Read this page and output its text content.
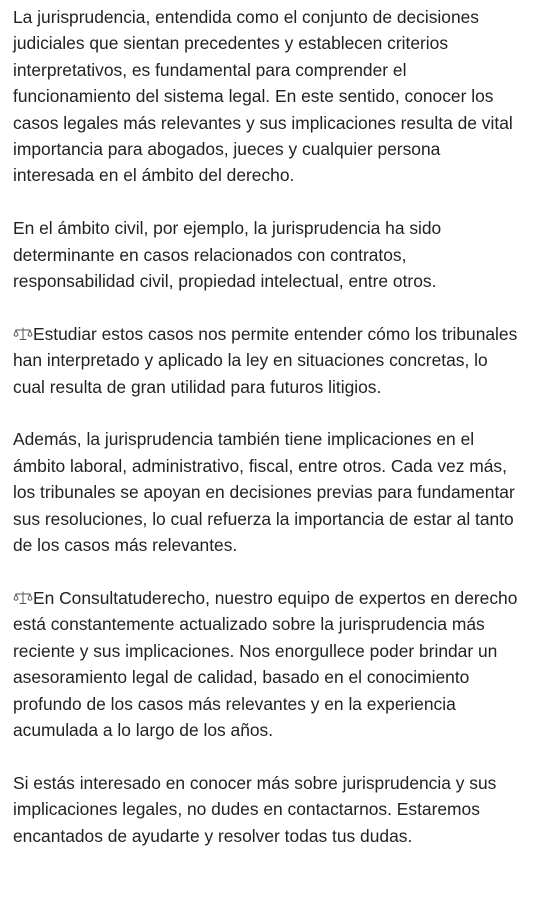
La jurisprudencia, entendida como el conjunto de decisiones judiciales que sientan precedentes y establecen criterios interpretativos, es fundamental para comprender el funcionamiento del sistema legal. En este sentido, conocer los casos legales más relevantes y sus implicaciones resulta de vital importancia para abogados, jueces y cualquier persona interesada en el ámbito del derecho.

En el ámbito civil, por ejemplo, la jurisprudencia ha sido determinante en casos relacionados con contratos, responsabilidad civil, propiedad intelectual, entre otros.

Estudiar estos casos nos permite entender cómo los tribunales han interpretado y aplicado la ley en situaciones concretas, lo cual resulta de gran utilidad para futuros litigios.

Además, la jurisprudencia también tiene implicaciones en el ámbito laboral, administrativo, fiscal, entre otros. Cada vez más, los tribunales se apoyan en decisiones previas para fundamentar sus resoluciones, lo cual refuerza la importancia de estar al tanto de los casos más relevantes.

En Consultatuderecho, nuestro equipo de expertos en derecho está constantemente actualizado sobre la jurisprudencia más reciente y sus implicaciones. Nos enorgullece poder brindar un asesoramiento legal de calidad, basado en el conocimiento profundo de los casos más relevantes y en la experiencia acumulada a lo largo de los años.

Si estás interesado en conocer más sobre jurisprudencia y sus implicaciones legales, no dudes en contactarnos. Estaremos encantados de ayudarte y resolver todas tus dudas.
